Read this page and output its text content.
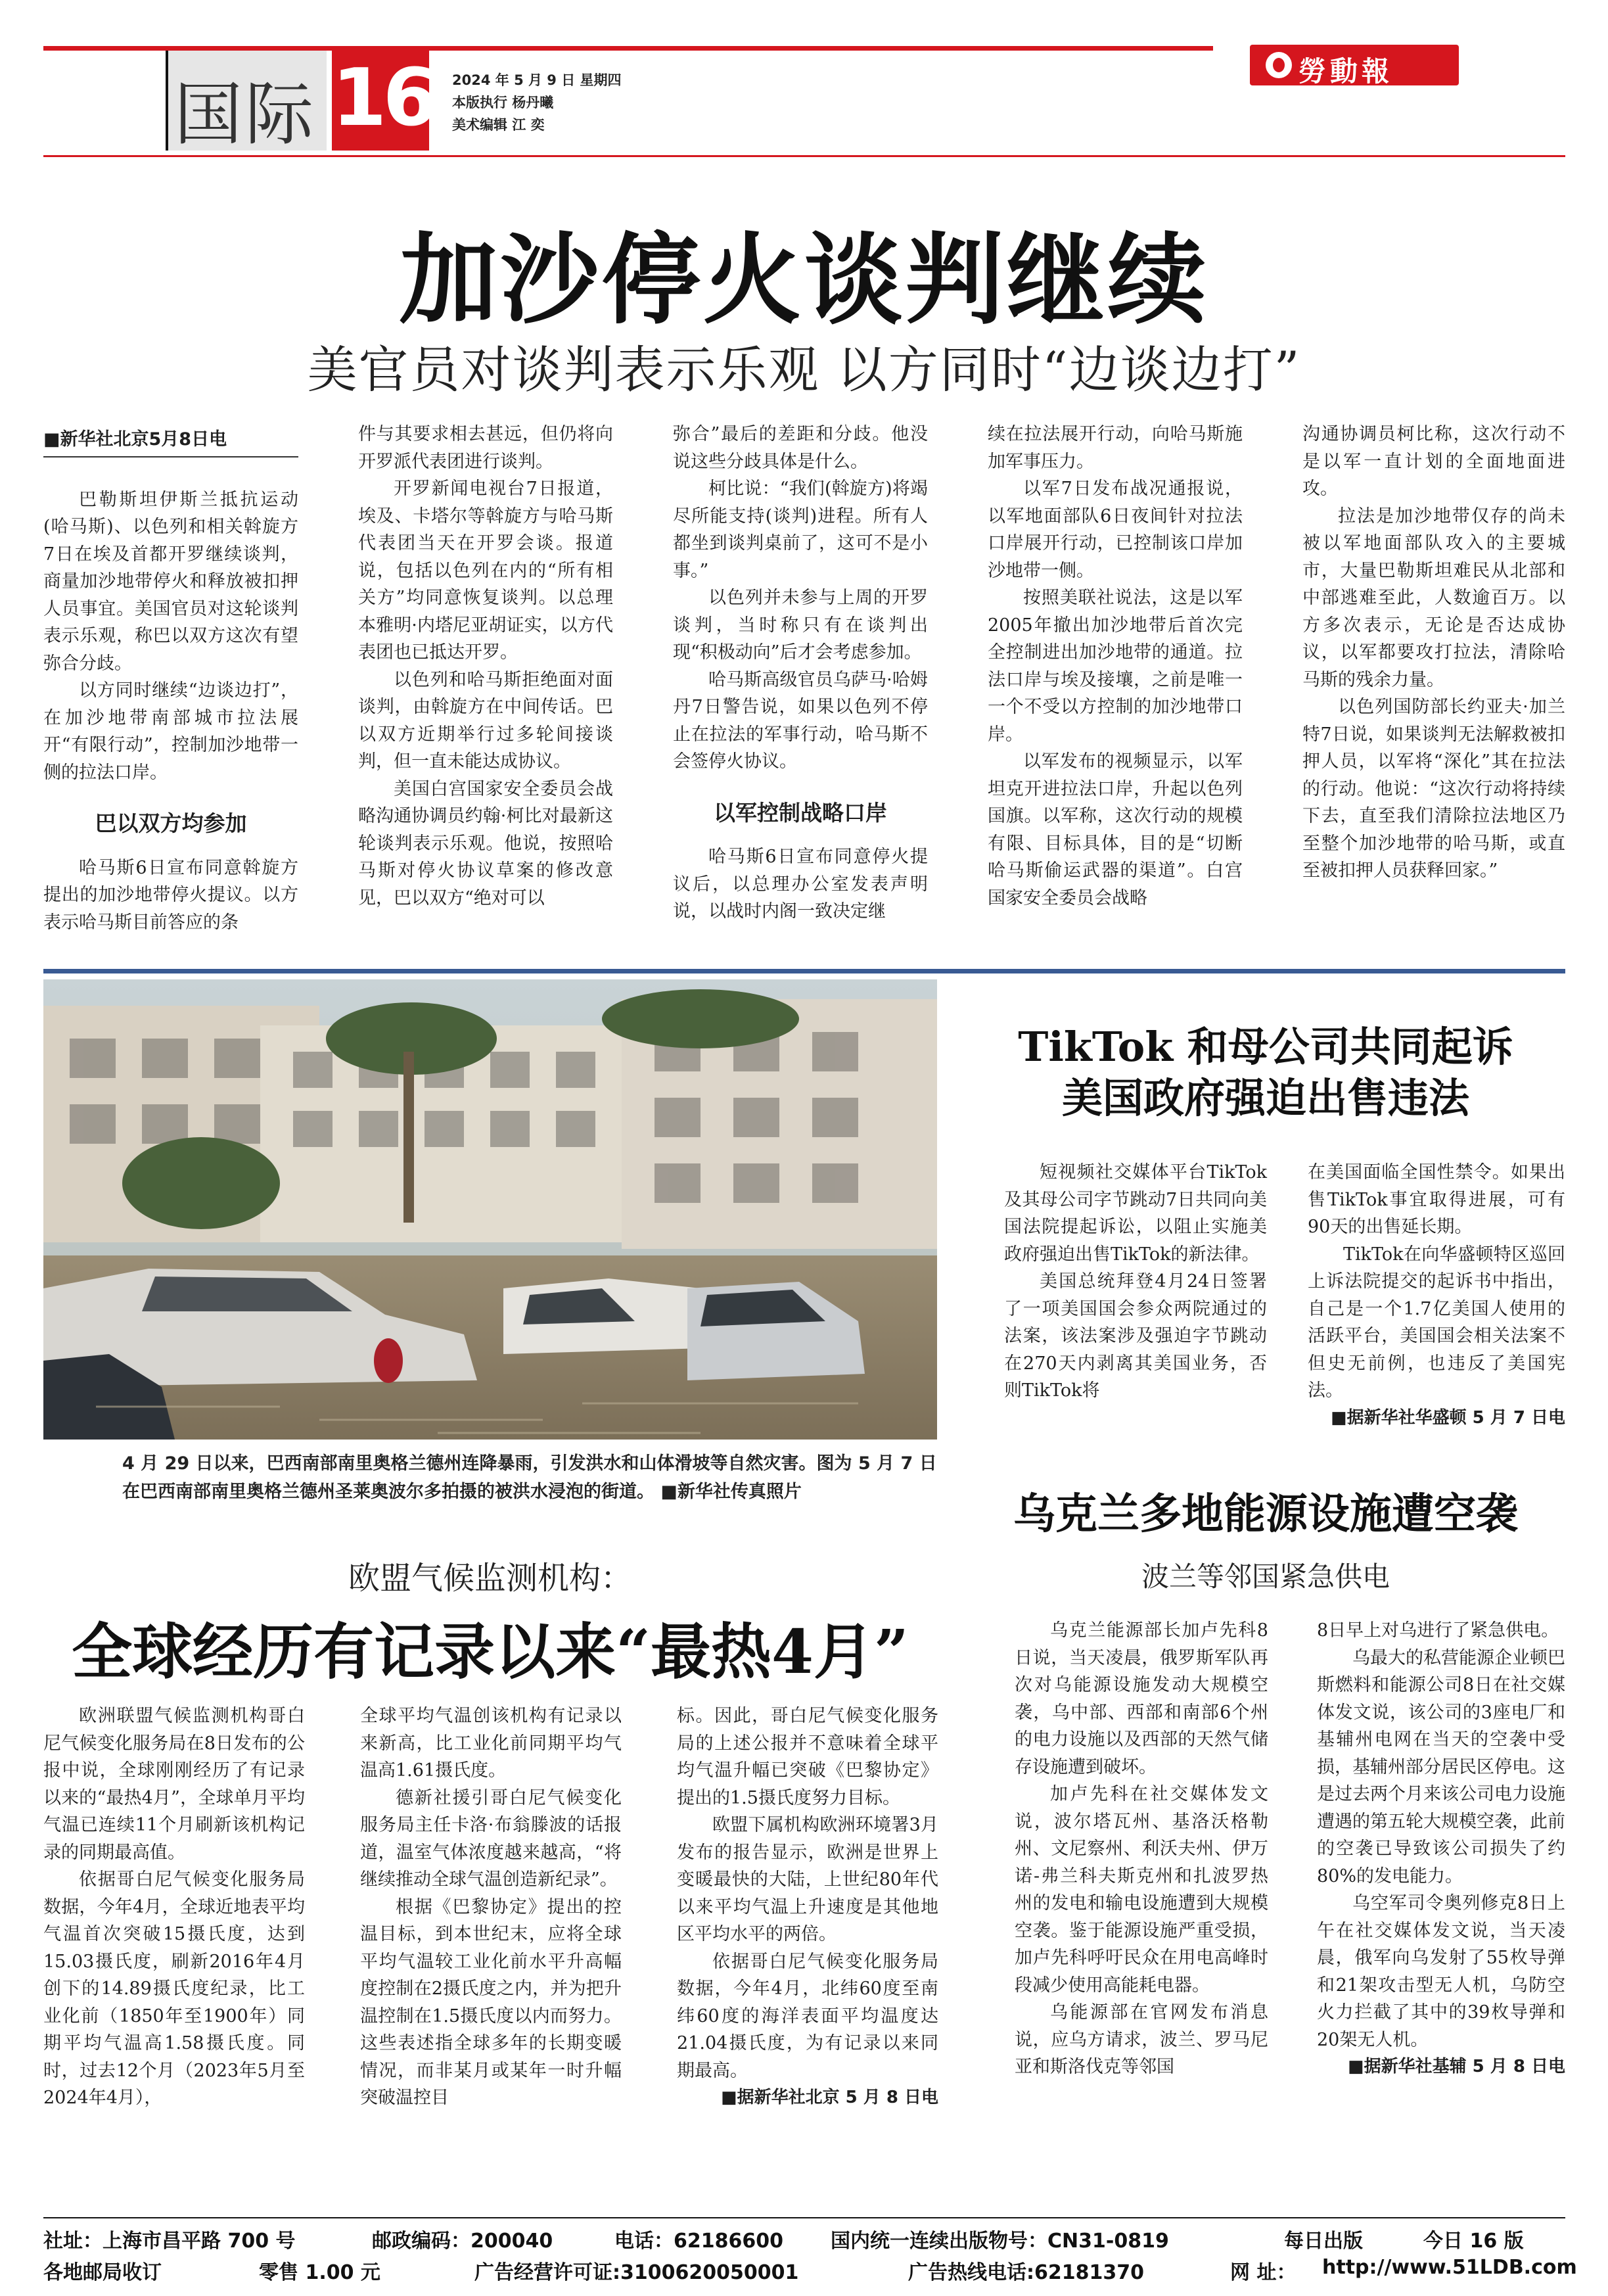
国际 16 2024 年 5 月 9 日 星期四
本版执行 杨丹曦
美术编辑 江 奕
勞動報
加沙停火谈判继续
美官员对谈判表示乐观 以方同时“边谈边打”
■新华社北京5月8日电

巴勒斯坦伊斯兰抵抗运动(哈马斯)、以色列和相关斡旋方7日在埃及首都开罗继续谈判，商量加沙地带停火和释放被扣押人员事宜。美国官员对这轮谈判表示乐观，称巴以双方这次有望弥合分歧。

以方同时继续“边谈边打”，在加沙地带南部城市拉法展开“有限行动”，控制加沙地带一侧的拉法口岸。

巴以双方均参加

哈马斯6日宣布同意斡旋方提出的加沙地带停火提议。以方表示哈马斯目前答应的条

件与其要求相去甚远，但仍将向开罗派代表团进行谈判。

开罗新闻电视台7日报道，埃及、卡塔尔等斡旋方与哈马斯代表团当天在开罗会谈。报道说，包括以色列在内的“所有相关方”均同意恢复谈判。以总理本雅明·内塔尼亚胡证实，以方代表团也已抵达开罗。

以色列和哈马斯拒绝面对面谈判，由斡旋方在中间传话。巴以双方近期举行过多轮间接谈判，但一直未能达成协议。

美国白宫国家安全委员会战略沟通协调员约翰·柯比对最新这轮谈判表示乐观。他说，按照哈马斯对停火协议草案的修改意见，巴以双方“绝对可以

弥合”最后的差距和分歧。他没说这些分歧具体是什么。

柯比说：“我们(斡旋方)将竭尽所能支持(谈判)进程。所有人都坐到谈判桌前了，这可不是小事。”

以色列并未参与上周的开罗谈判，当时称只有在谈判出现“积极动向”后才会考虑参加。

哈马斯高级官员乌萨马·哈姆丹7日警告说，如果以色列不停止在拉法的军事行动，哈马斯不会签停火协议。

以军控制战略口岸

哈马斯6日宣布同意停火提议后，以总理办公室发表声明说，以战时内阁一致决定继

续在拉法展开行动，向哈马斯施加军事压力。

以军7日发布战况通报说，以军地面部队6日夜间针对拉法口岸展开行动，已控制该口岸加沙地带一侧。

按照美联社说法，这是以军2005年撤出加沙地带后首次完全控制进出加沙地带的通道。拉法口岸与埃及接壤，之前是唯一一个不受以方控制的加沙地带口岸。

以军发布的视频显示，以军坦克开进拉法口岸，升起以色列国旗。以军称，这次行动的规模有限、目标具体，目的是“切断哈马斯偷运武器的渠道”。白宫国家安全委员会战略

沟通协调员柯比称，这次行动不是以军一直计划的全面地面进攻。

拉法是加沙地带仅存的尚未被以军地面部队攻入的主要城市，大量巴勒斯坦难民从北部和中部逃难至此，人数逾百万。以方多次表示，无论是否达成协议，以军都要攻打拉法，清除哈马斯的残余力量。

以色列国防部长约亚夫·加兰特7日说，如果谈判无法解救被扣押人员，以军将“深化”其在拉法的行动。他说：“这次行动将持续下去，直至我们清除拉法地区乃至整个加沙地带的哈马斯，或直至被扣押人员获释回家。”

4 月 29 日以来，巴西南部南里奥格兰德州连降暴雨，引发洪水和山体滑坡等自然灾害。图为 5 月 7 日在巴西南部南里奥格兰德州圣莱奥波尔多拍摄的被洪水浸泡的街道。 ■新华社传真照片
TikTok 和母公司共同起诉
美国政府强迫出售违法

短视频社交媒体平台TikTok及其母公司字节跳动7日共同向美国法院提起诉讼，以阻止实施美政府强迫出售TikTok的新法律。

美国总统拜登4月24日签署了一项美国国会参众两院通过的法案，该法案涉及强迫字节跳动在270天内剥离其美国业务，否则TikTok将

在美国面临全国性禁令。如果出售TikTok事宜取得进展，可有90天的出售延长期。

TikTok在向华盛顿特区巡回上诉法院提交的起诉书中指出，自己是一个1.7亿美国人使用的活跃平台，美国国会相关法案不但史无前例，也违反了美国宪法。

■据新华社华盛顿 5 月 7 日电
乌克兰多地能源设施遭空袭
波兰等邻国紧急供电

乌克兰能源部长加卢先科8日说，当天凌晨，俄罗斯军队再次对乌能源设施发动大规模空袭，乌中部、西部和南部6个州的电力设施以及西部的天然气储存设施遭到破坏。

加卢先科在社交媒体发文说，波尔塔瓦州、基洛沃格勒州、文尼察州、利沃夫州、伊万诺-弗兰科夫斯克州和扎波罗热州的发电和输电设施遭到大规模空袭。鉴于能源设施严重受损，加卢先科呼吁民众在用电高峰时段减少使用高能耗电器。

乌能源部在官网发布消息说，应乌方请求，波兰、罗马尼亚和斯洛伐克等邻国

8日早上对乌进行了紧急供电。

乌最大的私营能源企业顿巴斯燃料和能源公司8日在社交媒体发文说，该公司的3座电厂和基辅州电网在当天的空袭中受损，基辅州部分居民区停电。这是过去两个月来该公司电力设施遭遇的第五轮大规模空袭，此前的空袭已导致该公司损失了约80%的发电能力。

乌空军司令奥列修克8日上午在社交媒体发文说，当天凌晨，俄军向乌发射了55枚导弹和21架攻击型无人机，乌防空火力拦截了其中的39枚导弹和20架无人机。

■据新华社基辅 5 月 8 日电
欧盟气候监测机构：
全球经历有记录以来“最热4月”

欧洲联盟气候监测机构哥白尼气候变化服务局在8日发布的公报中说，全球刚刚经历了有记录以来的“最热4月”，全球单月平均气温已连续11个月刷新该机构记录的同期最高值。

依据哥白尼气候变化服务局数据，今年4月，全球近地表平均气温首次突破15摄氏度，达到15.03摄氏度，刷新2016年4月创下的14.89摄氏度纪录，比工业化前（1850年至1900年）同期平均气温高1.58摄氏度。同时，过去12个月（2023年5月至2024年4月），

全球平均气温创该机构有记录以来新高，比工业化前同期平均气温高1.61摄氏度。

德新社援引哥白尼气候变化服务局主任卡洛·布翁滕波的话报道，温室气体浓度越来越高，“将继续推动全球气温创造新纪录”。

根据《巴黎协定》提出的控温目标，到本世纪末，应将全球平均气温较工业化前水平升高幅度控制在2摄氏度之内，并为把升温控制在1.5摄氏度以内而努力。这些表述指全球多年的长期变暖情况，而非某月或某年一时升幅突破温控目

标。因此，哥白尼气候变化服务局的上述公报并不意味着全球平均气温升幅已突破《巴黎协定》提出的1.5摄氏度努力目标。

欧盟下属机构欧洲环境署3月发布的报告显示，欧洲是世界上变暖最快的大陆，上世纪80年代以来平均气温上升速度是其他地区平均水平的两倍。

依据哥白尼气候变化服务局数据，今年4月，北纬60度至南纬60度的海洋表面平均温度达21.04摄氏度，为有记录以来同期最高。

■据新华社北京 5 月 8 日电
社址：上海市昌平路 700 号	邮政编码：200040	电话：62186600 国内统一连续出版物号：CN31-0819	每日出版	今日 16 版
各地邮局收订	零售 1.00 元	广告经营许可证:3100620050001	广告热线电话:62181370	网 址： http://www.51LDB.com
